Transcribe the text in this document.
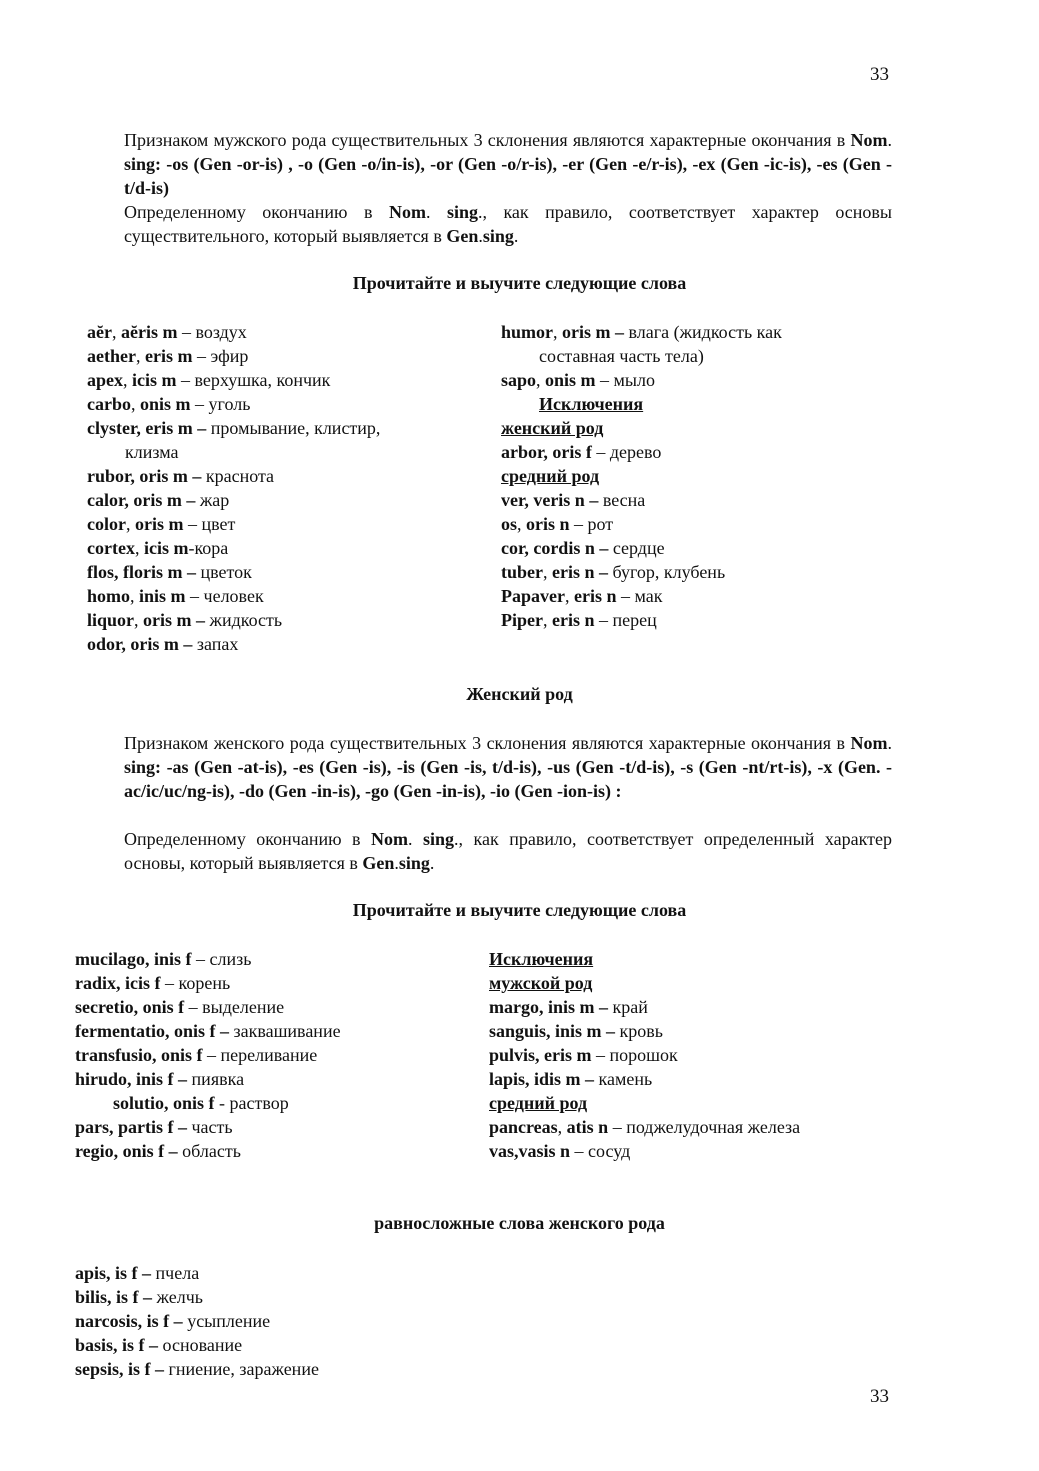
33

Признаком мужского рода существительных 3 склонения являются характерные окончания в Nom. sing: -os (Gen -or-is) , -o (Gen -o/in-is), -or (Gen -o/r-is), -er (Gen -e/r-is), -ex (Gen -ic-is), -es (Gen -t/d-is)

Определенному окончанию в Nom. sing., как правило, соответствует характер основы существительного, который выявляется в Gen.sing.

Прочитайте и выучите следующие слова
aĕr, aĕris m – воздух
aether, eris m – эфир
apex, icis m – верхушка, кончик
carbo, onis m – уголь
clyster, eris m – промывание, клистир,
клизма
rubor, oris m – краснота
calor, oris m – жар
color, oris m – цвет
cortex, icis m-кора
flos, floris m – цветок
homo, inis m – человек
liquor, oris m – жидкость
odor, oris m – запах
humor, oris m – влага (жидкость как
составная часть тела)
sapo, onis m – мыло
Исключения
женский род
arbor, oris f – дерево
средний род
ver, veris n – весна
os, oris n – рот
cor, cordis n – сердце
tuber, eris n – бугор, клубень
Papaver, eris n – мак
Piper, eris n – перец
Женский род

Признаком женского рода существительных 3 склонения являются характерные окончания в Nom. sing: -as (Gen -at-is), -es (Gen -is), -is (Gen -is, t/d-is), -us (Gen -t/d-is), -s (Gen -nt/rt-is), -x (Gen. -ac/ic/uc/ng-is), -do (Gen -in-is), -go (Gen -in-is), -io (Gen -ion-is) :

Определенному окончанию в Nom. sing., как правило, соответствует определенный характер основы, который выявляется в Gen.sing.

Прочитайте и выучите следующие слова
mucilago, inis f – слизь
radix, icis f – корень
secretio, onis f – выделение
fermentatio, onis f – заквашивание
transfusio, onis f – переливание
hirudo, inis f – пиявка
solutio, onis f - раствор
pars, partis f – часть
regio, onis f – область
Исключения
мужской род
margo, inis m – край
sanguis, inis m – кровь
pulvis, eris m – порошок
lapis, idis m – камень
средний род
pancreas, atis n – поджелудочная железа
vas,vasis n – сосуд
равносложные слова женского рода
apis, is f – пчела
bilis, is f – желчь
narcosis, is f – усыпление
basis, is f – основание
sepsis, is f – гниение, заражение
33
